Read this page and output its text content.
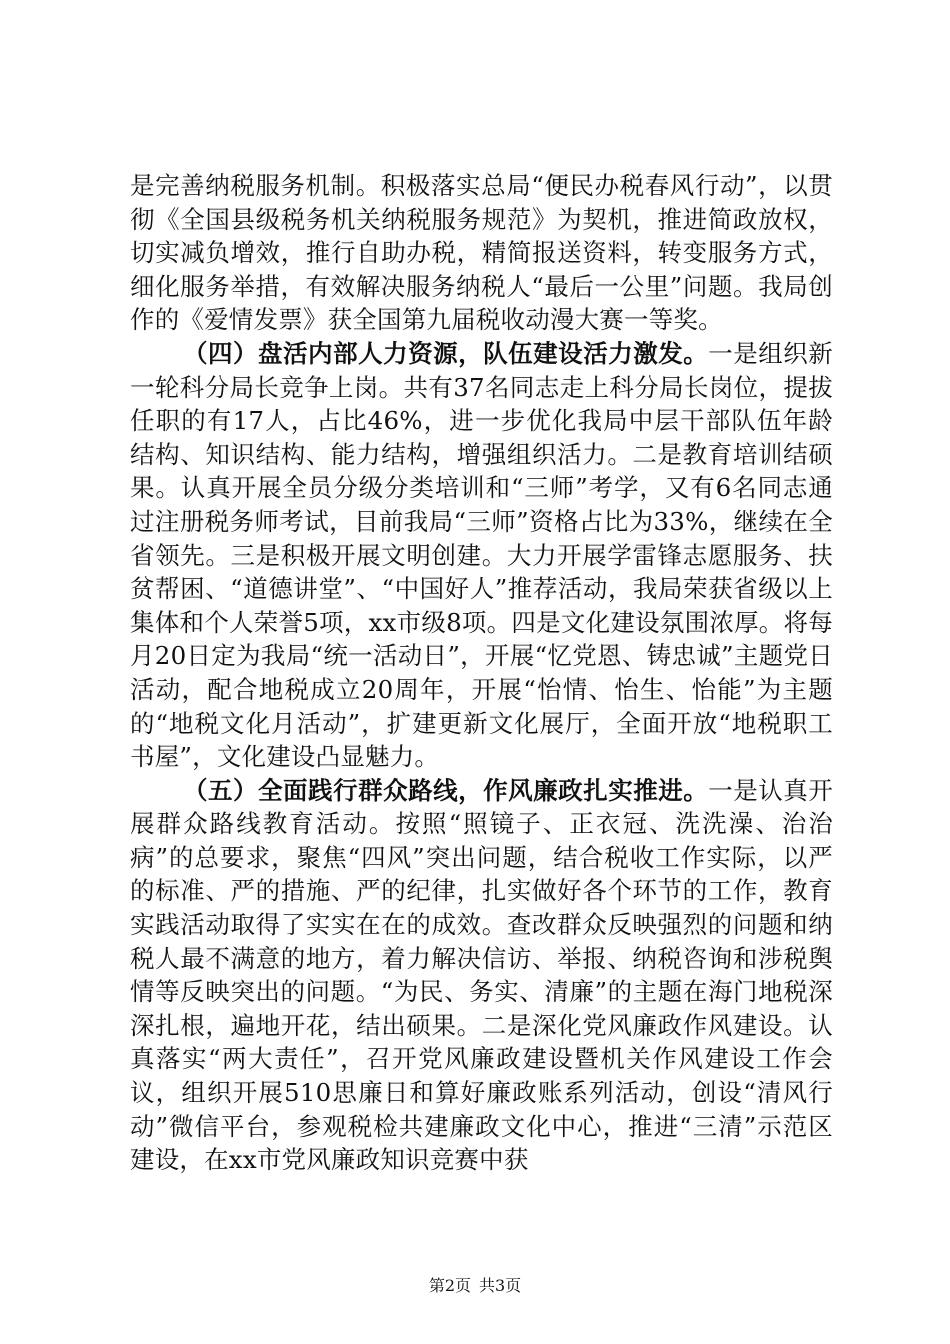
是完善纳税服务机制。积极落实总局“便民办税春风行动”，以贯彻《全国县级税务机关纳税服务规范》为契机，推进简政放权，切实减负增效，推行自助办税，精简报送资料，转变服务方式，细化服务举措，有效解决服务纳税人“最后一公里”问题。我局创作的《爱情发票》获全国第九届税收动漫大赛一等奖。

（四）盘活内部人力资源，队伍建设活力激发。一是组织新一轮科分局长竞争上岗。共有37名同志走上科分局长岗位，提拔任职的有17人，占比46%，进一步优化我局中层干部队伍年龄结构、知识结构、能力结构，增强组织活力。二是教育培训结硕果。认真开展全员分级分类培训和“三师”考学，又有6名同志通过注册税务师考试，目前我局“三师”资格占比为33%，继续在全省领先。三是积极开展文明创建。大力开展学雷锋志愿服务、扶贫帮困、“道德讲堂”、“中国好人”推荐活动，我局荣获省级以上集体和个人荣誉5项，xx市级8项。四是文化建设氛围浓厚。将每月20日定为我局“统一活动日”，开展“忆党恩、铸忠诚”主题党日活动，配合地税成立20周年，开展“怡情、怡生、怡能”为主题的“地税文化月活动”，扩建更新文化展厅，全面开放“地税职工书屋”，文化建设凸显魅力。

（五）全面践行群众路线，作风廉政扎实推进。一是认真开展群众路线教育活动。按照“照镜子、正衣冠、洗洗澡、治治病”的总要求，聚焦“四风”突出问题，结合税收工作实际，以严的标准、严的措施、严的纪律，扎实做好各个环节的工作，教育实践活动取得了实实在在的成效。查改群众反映强烈的问题和纳税人最不满意的地方，着力解决信访、举报、纳税咨询和涉税舆情等反映突出的问题。“为民、务实、清廉”的主题在海门地税深深扎根，遍地开花，结出硕果。二是深化党风廉政作风建设。认真落实“两大责任”，召开党风廉政建设暨机关作风建设工作会议，组织开展510思廉日和算好廉政账系列活动，创设“清风行动”微信平台，参观税检共建廉政文化中心，推进“三清”示范区建设，在xx市党风廉政知识竞赛中获

第2页 共3页
